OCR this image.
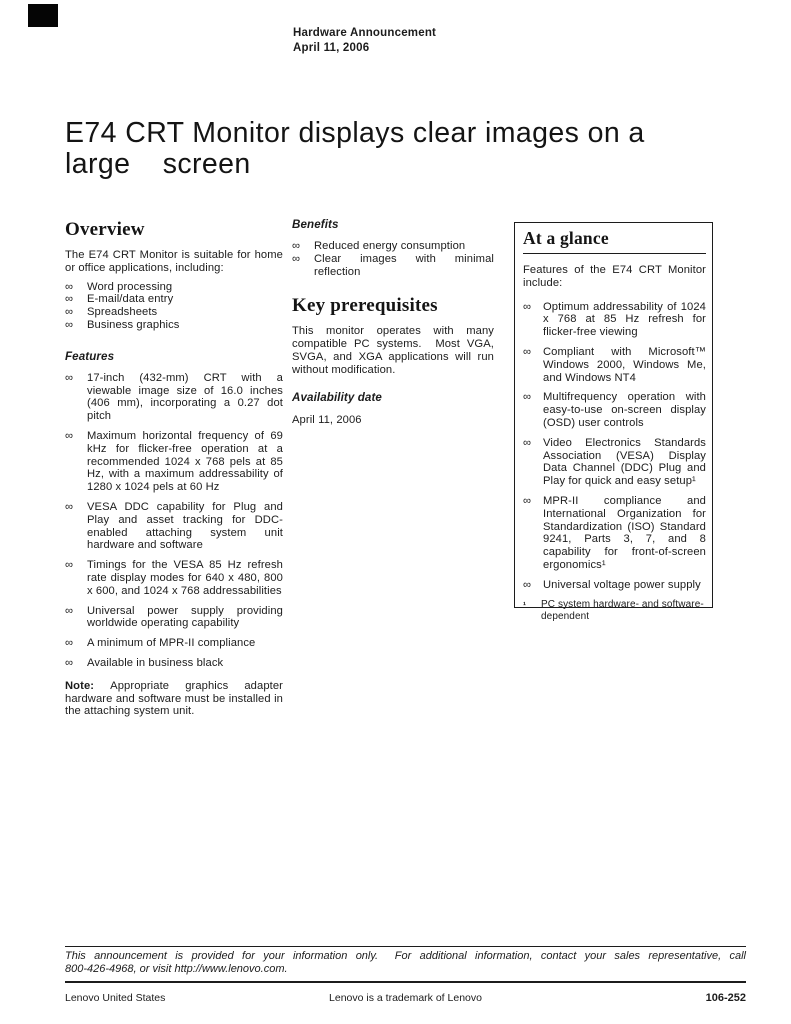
Hardware Announcement
April 11, 2006
E74 CRT Monitor displays clear images on a
large screen
Overview

The E74 CRT Monitor is suitable for home or office applications, including:

∞	Word processing
∞	E-mail/data entry
∞	Spreadsheets
∞	Business graphics
Features
∞	17-inch (432-mm) CRT with a viewable image size of 16.0 inches (406 mm), incorporating a 0.27 dot pitch
∞	Maximum horizontal frequency of 69 kHz for flicker-free operation at a recommended 1024 x 768 pels at 85 Hz, with a maximum addressability of 1280 x 1024 pels at 60 Hz
∞	VESA DDC capability for Plug and Play and asset tracking for DDC-enabled attaching system unit hardware and software
∞	Timings for the VESA 85 Hz refresh rate display modes for 640 x 480, 800 x 600, and 1024 x 768 addressabilities
∞	Universal power supply providing worldwide operating capability
∞	A minimum of MPR-II compliance
∞	Available in business black

Note: Appropriate graphics adapter hardware and software must be installed in the attaching system unit.

Benefits
∞	Reduced energy consumption
∞	Clear images with minimal reflection
Key prerequisites

This monitor operates with many compatible PC systems.  Most VGA, SVGA, and XGA applications will run without modification.

Availability date

April 11, 2006

At a glance

Features of the E74 CRT Monitor include:

∞	Optimum addressability of 1024 x 768 at 85 Hz refresh for flicker-free viewing
∞	Compliant with Microsoft™ Windows 2000, Windows Me, and Windows NT4
∞	Multifrequency operation with easy-to-use on-screen display (OSD) user controls
∞	Video Electronics Standards Association (VESA) Display Data Channel (DDC) Plug and Play for quick and easy setup¹
∞	MPR-II compliance and International Organization for Standardization (ISO) Standard 9241, Parts 3, 7, and 8 capability for front-of-screen ergonomics¹
∞	Universal voltage power supply
¹	PC system hardware- and software-dependent
This announcement is provided for your information only.  For additional information, contact your sales representative, call
800-426-4968, or visit http://www.lenovo.com.
Lenovo United States	Lenovo is a trademark of Lenovo	106-252
